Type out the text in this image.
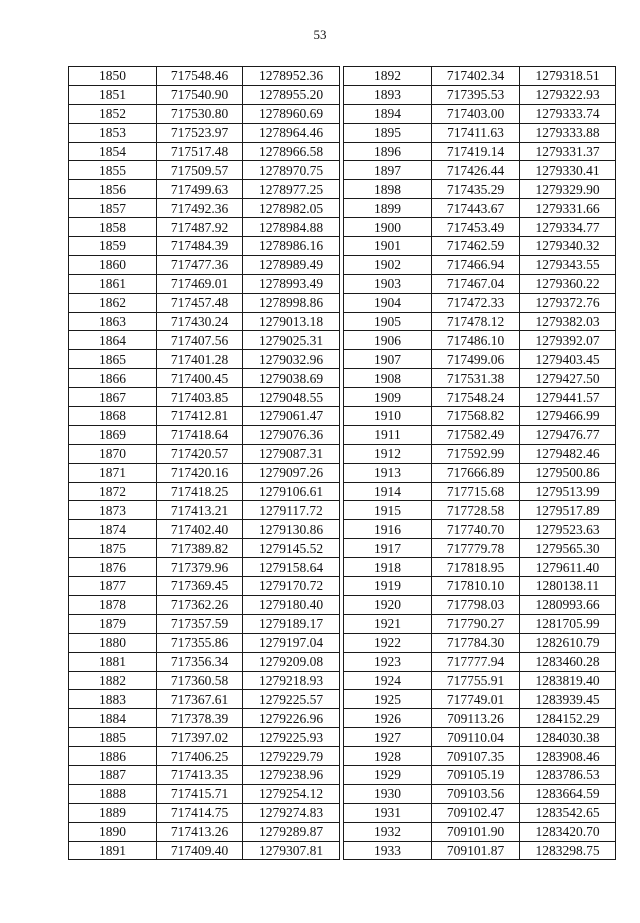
53
1850	717548.46	1278952.36
1851	717540.90	1278955.20
1852	717530.80	1278960.69
1853	717523.97	1278964.46
1854	717517.48	1278966.58
1855	717509.57	1278970.75
1856	717499.63	1278977.25
1857	717492.36	1278982.05
1858	717487.92	1278984.88
1859	717484.39	1278986.16
1860	717477.36	1278989.49
1861	717469.01	1278993.49
1862	717457.48	1278998.86
1863	717430.24	1279013.18
1864	717407.56	1279025.31
1865	717401.28	1279032.96
1866	717400.45	1279038.69
1867	717403.85	1279048.55
1868	717412.81	1279061.47
1869	717418.64	1279076.36
1870	717420.57	1279087.31
1871	717420.16	1279097.26
1872	717418.25	1279106.61
1873	717413.21	1279117.72
1874	717402.40	1279130.86
1875	717389.82	1279145.52
1876	717379.96	1279158.64
1877	717369.45	1279170.72
1878	717362.26	1279180.40
1879	717357.59	1279189.17
1880	717355.86	1279197.04
1881	717356.34	1279209.08
1882	717360.58	1279218.93
1883	717367.61	1279225.57
1884	717378.39	1279226.96
1885	717397.02	1279225.93
1886	717406.25	1279229.79
1887	717413.35	1279238.96
1888	717415.71	1279254.12
1889	717414.75	1279274.83
1890	717413.26	1279289.87
1891	717409.40	1279307.81
1892	717402.34	1279318.51
1893	717395.53	1279322.93
1894	717403.00	1279333.74
1895	717411.63	1279333.88
1896	717419.14	1279331.37
1897	717426.44	1279330.41
1898	717435.29	1279329.90
1899	717443.67	1279331.66
1900	717453.49	1279334.77
1901	717462.59	1279340.32
1902	717466.94	1279343.55
1903	717467.04	1279360.22
1904	717472.33	1279372.76
1905	717478.12	1279382.03
1906	717486.10	1279392.07
1907	717499.06	1279403.45
1908	717531.38	1279427.50
1909	717548.24	1279441.57
1910	717568.82	1279466.99
1911	717582.49	1279476.77
1912	717592.99	1279482.46
1913	717666.89	1279500.86
1914	717715.68	1279513.99
1915	717728.58	1279517.89
1916	717740.70	1279523.63
1917	717779.78	1279565.30
1918	717818.95	1279611.40
1919	717810.10	1280138.11
1920	717798.03	1280993.66
1921	717790.27	1281705.99
1922	717784.30	1282610.79
1923	717777.94	1283460.28
1924	717755.91	1283819.40
1925	717749.01	1283939.45
1926	709113.26	1284152.29
1927	709110.04	1284030.38
1928	709107.35	1283908.46
1929	709105.19	1283786.53
1930	709103.56	1283664.59
1931	709102.47	1283542.65
1932	709101.90	1283420.70
1933	709101.87	1283298.75
